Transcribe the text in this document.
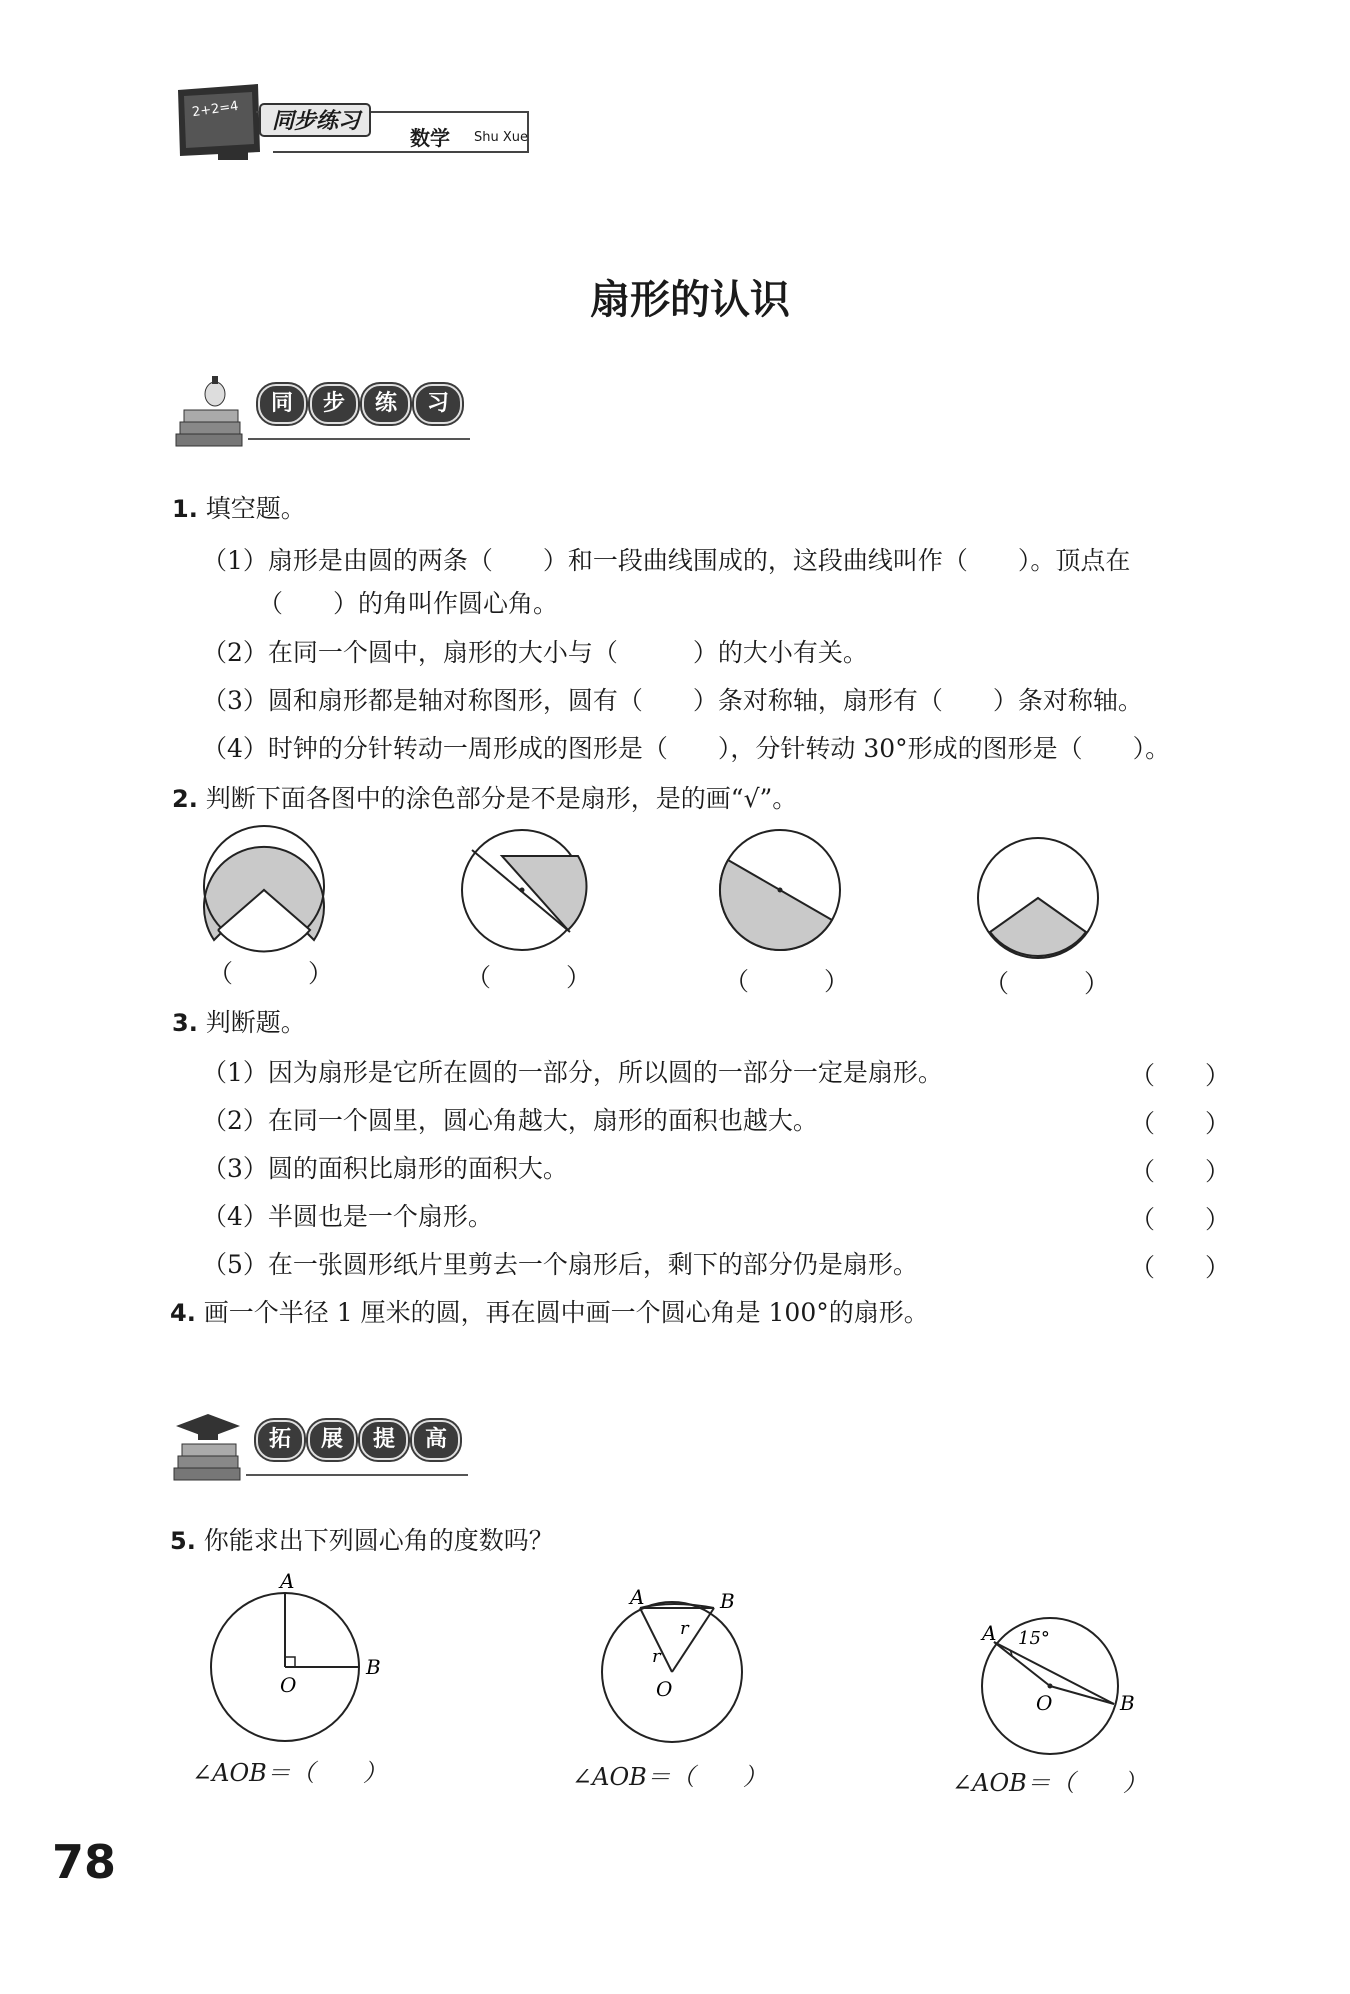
2+2=4 同步练习
数学 Shu Xue
扇形的认识
同	步	练	习
1. 填空题。
（1）扇形是由圆的两条（　　）和一段曲线围成的，这段曲线叫作（　　）。顶点在
（　　）的角叫作圆心角。
（2）在同一个圆中，扇形的大小与（　　　）的大小有关。
（3）圆和扇形都是轴对称图形，圆有（　　）条对称轴，扇形有（　　）条对称轴。
（4）时钟的分针转动一周形成的图形是（　　），分针转动 30°形成的图形是（　　）。
2. 判断下面各图中的涂色部分是不是扇形，是的画“√”。
（　　　）	（　　　）	（　　　）	（　　　）
3. 判断题。
（1）因为扇形是它所在圆的一部分，所以圆的一部分一定是扇形。
（2）在同一个圆里，圆心角越大，扇形的面积也越大。
（3）圆的面积比扇形的面积大。
（4）半圆也是一个扇形。
（5）在一张圆形纸片里剪去一个扇形后，剩下的部分仍是扇形。
（　　）
（　　）
（　　）
（　　）
（　　）
4. 画一个半径 1 厘米的圆，再在圆中画一个圆心角是 100°的扇形。
拓	展	提	高
5. 你能求出下列圆心角的度数吗？
A
B
O
A	B
r
r
O
A 15°
B
O
∠AOB＝（　　）	∠AOB＝（　　）	∠AOB＝（　　）
78
